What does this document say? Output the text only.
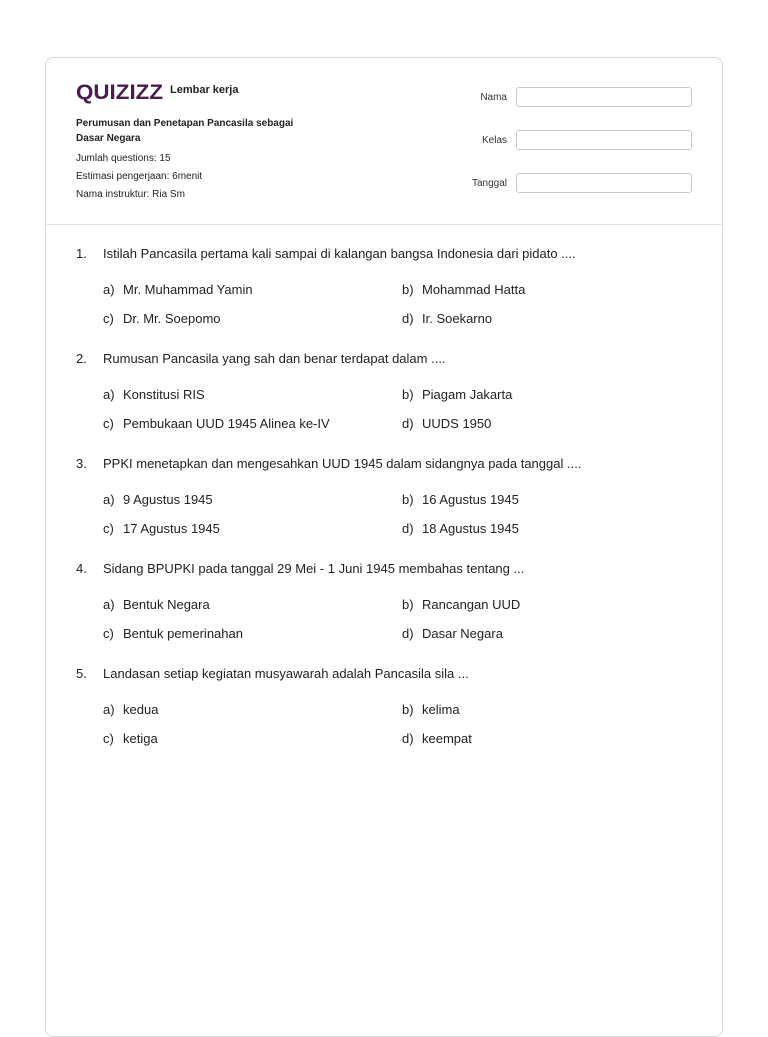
QUIZIZZ Lembar kerja
Perumusan dan Penetapan Pancasila sebagai Dasar Negara
Jumlah questions: 15
Estimasi pengerjaan: 6menit
Nama instruktur: Ria Sm
Nama
Kelas
Tanggal
1.	Istilah Pancasila pertama kali sampai di kalangan bangsa Indonesia dari pidato ....
a) Mr. Muhammad Yamin	b) Mohammad Hatta
c) Dr. Mr. Soepomo	d) Ir. Soekarno
2.	Rumusan Pancasila yang sah dan benar terdapat dalam ....
a) Konstitusi RIS	b) Piagam Jakarta
c) Pembukaan UUD 1945 Alinea ke-IV	d) UUDS 1950
3.	PPKI menetapkan dan mengesahkan UUD 1945 dalam sidangnya pada tanggal ....
a) 9 Agustus 1945	b) 16 Agustus 1945
c) 17 Agustus 1945	d) 18 Agustus 1945
4.	Sidang BPUPKI pada tanggal 29 Mei - 1 Juni 1945 membahas tentang ...
a) Bentuk Negara	b) Rancangan UUD
c) Bentuk pemerinahan	d) Dasar Negara
5.	Landasan setiap kegiatan musyawarah adalah Pancasila sila ...
a) kedua	b) kelima
c) ketiga	d) keempat
